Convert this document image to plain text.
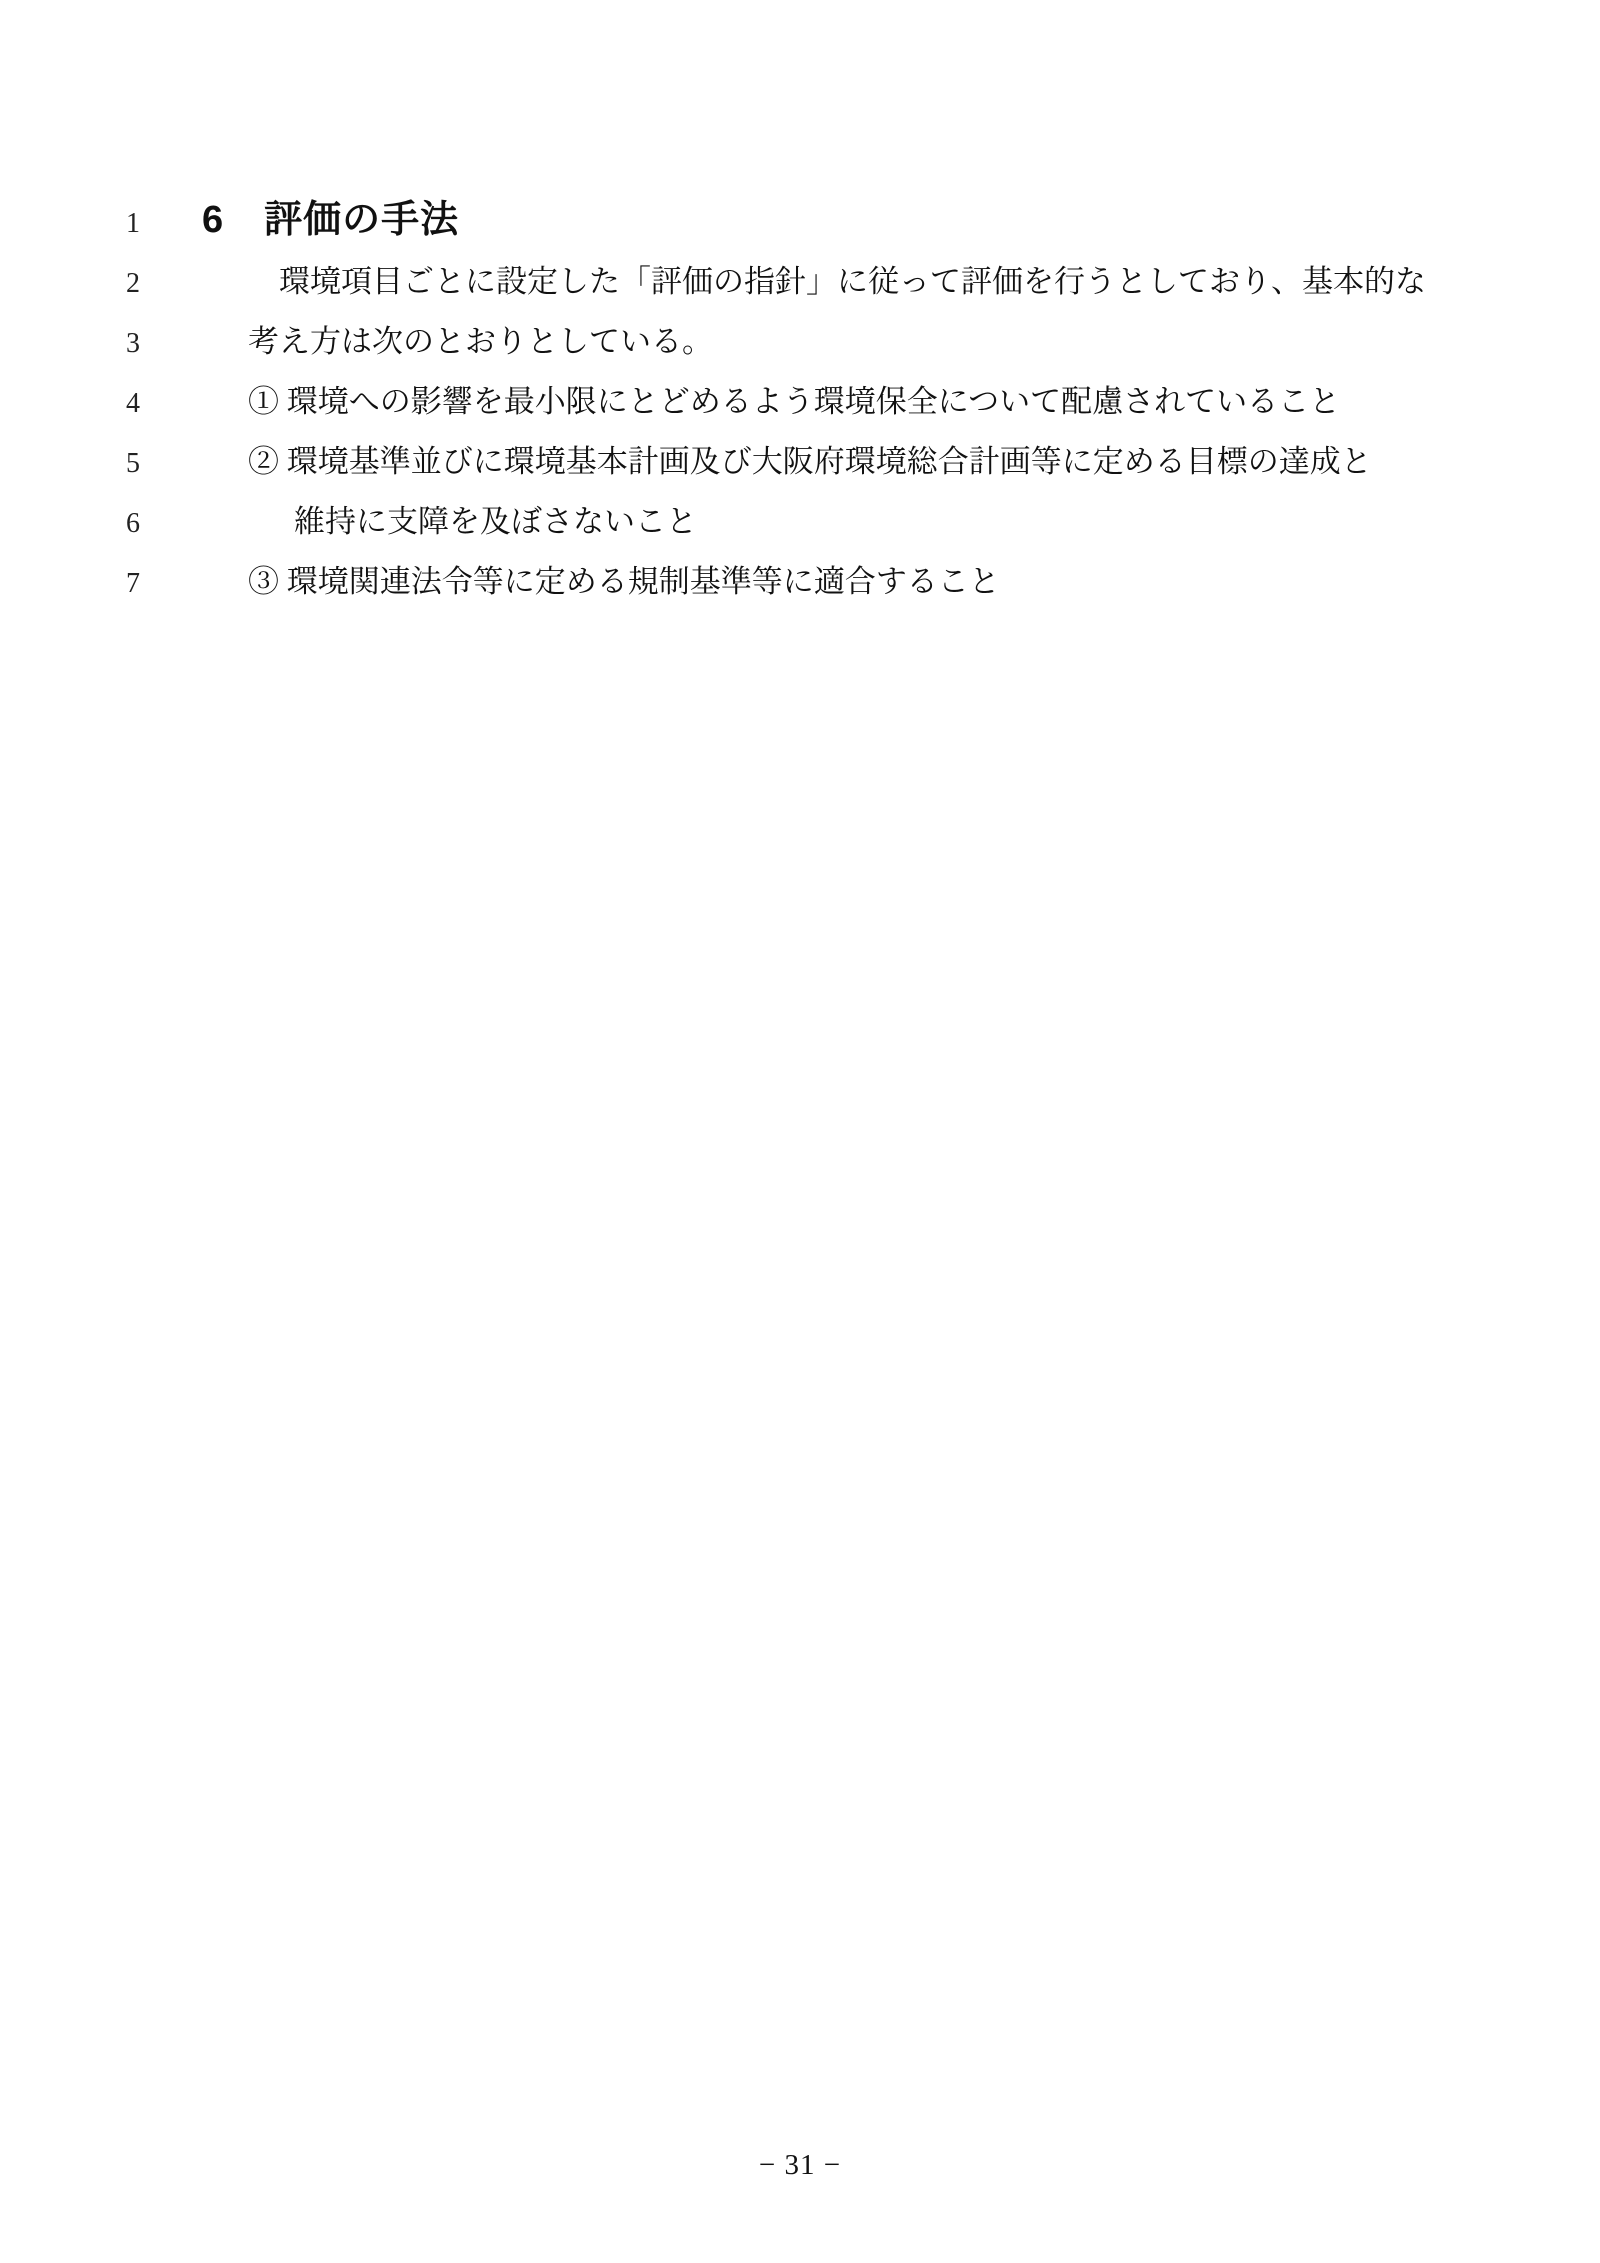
1	6 評価の手法
2	環境項目ごとに設定した「評価の指針」に従って評価を行うとしており、基本的な
3	考え方は次のとおりとしている。
4	① 環境への影響を最小限にとどめるよう環境保全について配慮されていること
5	② 環境基準並びに環境基本計画及び大阪府環境総合計画等に定める目標の達成と
6	維持に支障を及ぼさないこと
7	③ 環境関連法令等に定める規制基準等に適合すること
− 31 −
